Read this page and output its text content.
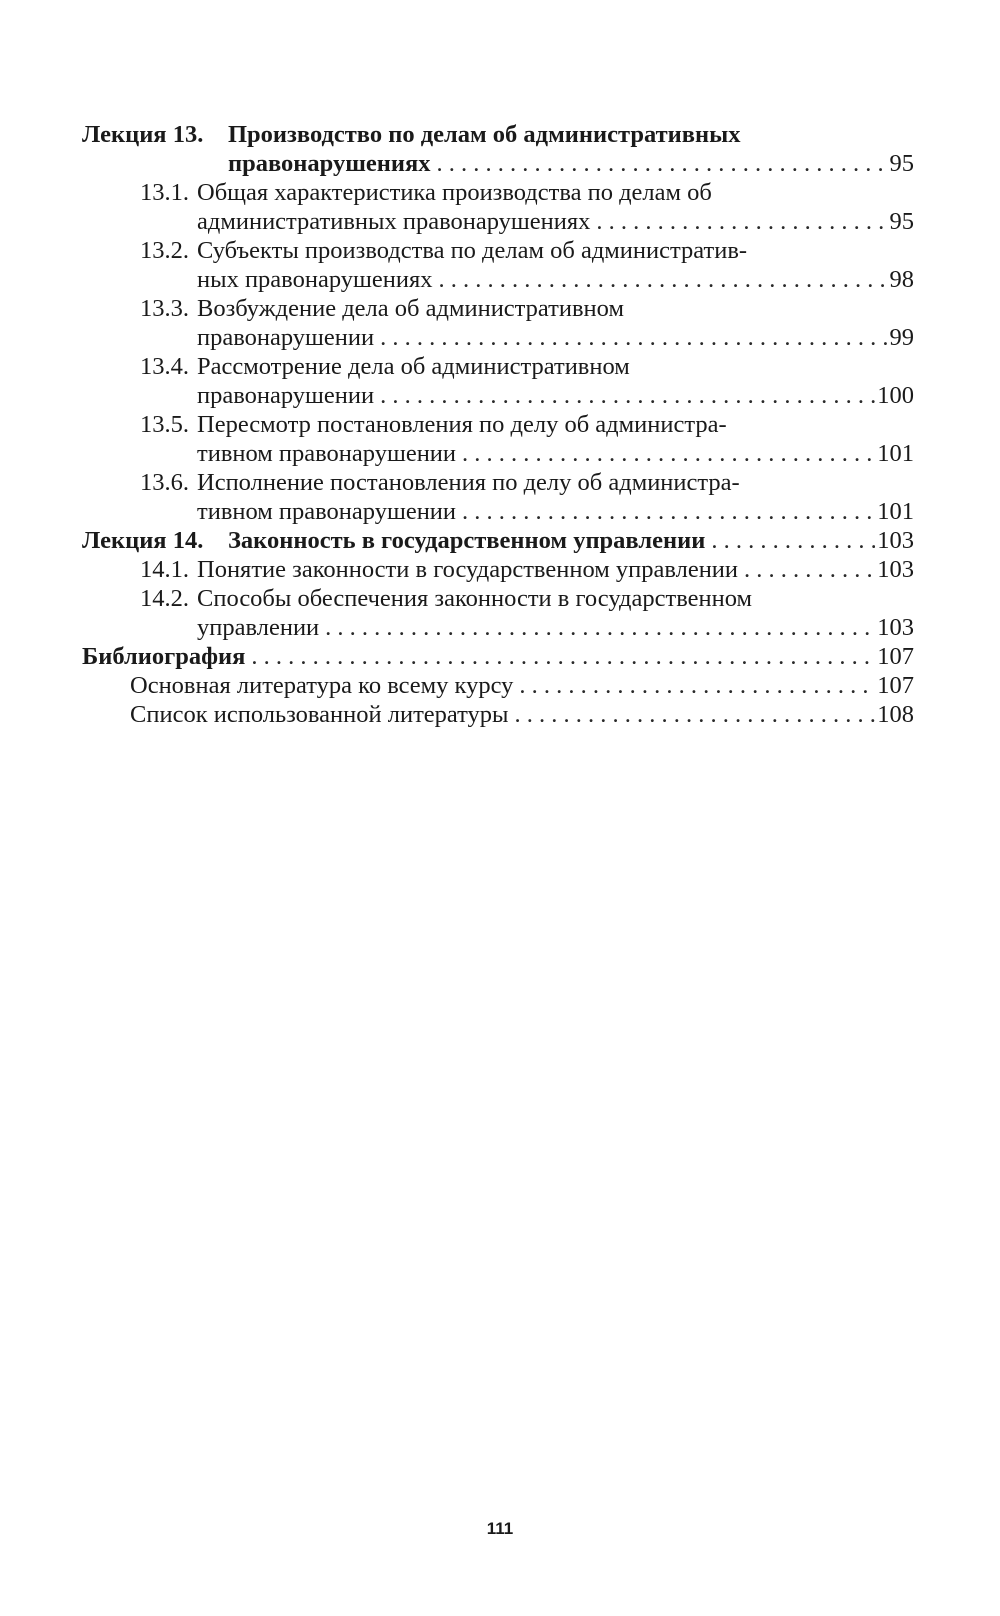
Лекция 13.	Производство по делам об административных
правонарушениях . . .	95
13.1. Общая характеристика производства по делам об
административных правонарушениях . . .	95
13.2. Субъекты производства по делам об административ-
ных правонарушениях . . .	98
13.3. Возбуждение дела об административном
правонарушении . . .	99
13.4. Рассмотрение дела об административном
правонарушении . . .	100
13.5. Пересмотр постановления по делу об администра-
тивном правонарушении . . .	101
13.6. Исполнение постановления по делу об администра-
тивном правонарушении . . .	101
Лекция 14.	Законность в государственном управлении . . .	103
14.1. Понятие законности в государственном управлении . . .	103
14.2. Способы обеспечения законности в государственном
управлении . . .	103
Библиография . . .	107
Основная литература ко всему курсу . . .	107
Список использованной литературы . . .	108
111
